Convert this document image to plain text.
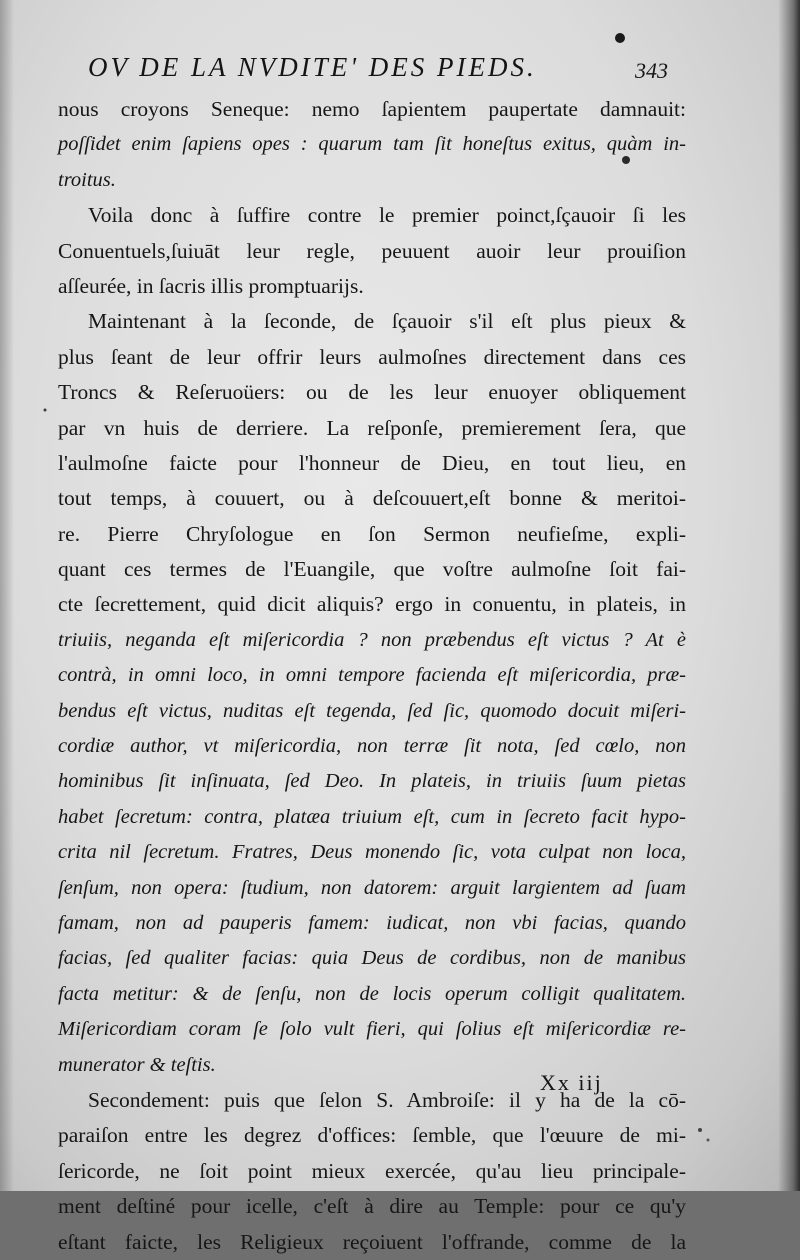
OV DE LA NVDITE' DES PIEDS.	343
nous croyons Seneque: nemo ſapientem paupertate damnauit:
poſſidet enim ſapiens opes : quarum tam ſit honeſtus exitus, quàm in-
troitus.
Voila donc à ſuffire contre le premier poinct,ſçauoir ſi les
Conuentuels,ſuiuāt leur regle, peuuent auoir leur prouiſion
aſſeurée, in ſacris illis promptuarijs.
Maintenant à la ſeconde, de ſçauoir s'il eſt plus pieux &
plus ſeant de leur offrir leurs aulmoſnes directement dans ces
Troncs & Reſeruoüers: ou de les leur enuoyer obliquement
par vn huis de derriere. La reſponſe, premierement ſera, que
l'aulmoſne faicte pour l'honneur de Dieu, en tout lieu, en
tout temps, à couuert, ou à deſcouuert,eſt bonne & meritoi-
re. Pierre Chryſologue en ſon Sermon neufieſme, expli-
quant ces termes de l'Euangile, que voſtre aulmoſne ſoit fai-
cte ſecrettement, quid dicit aliquis? ergo in conuentu, in plateis, in
triuiis, neganda eſt miſericordia ? non præbendus eſt victus ? At è
contrà, in omni loco, in omni tempore facienda eſt miſericordia, præ-
bendus eſt victus, nuditas eſt tegenda, ſed ſic, quomodo docuit miſeri-
cordiæ author, vt miſericordia, non terræ ſit nota, ſed cœlo, non
hominibus ſit inſinuata, ſed Deo. In plateis, in triuiis ſuum pietas
habet ſecretum: contra, platæa triuium eſt, cum in ſecreto facit hypo-
crita nil ſecretum. Fratres, Deus monendo ſic, vota culpat non loca,
ſenſum, non opera: ſtudium, non datorem: arguit largientem ad ſuam
famam, non ad pauperis famem: iudicat, non vbi facias, quando
facias, ſed qualiter facias: quia Deus de cordibus, non de manibus
facta metitur: & de ſenſu, non de locis operum colligit qualitatem.
Miſericordiam coram ſe ſolo vult fieri, qui ſolius eſt miſericordiæ re-
munerator & teſtis.
Secondement: puis que ſelon S. Ambroiſe: il y ha de la cō-
paraiſon entre les degrez d'offices: ſemble, que l'œuure de mi-
ſericorde, ne ſoit point mieux exercée, qu'au lieu principale-
ment deſtiné pour icelle, c'eſt à dire au Temple: pour ce qu'y
eſtant faicte, les Religieux reçoiuent l'offrande, comme de la
Xx iij
